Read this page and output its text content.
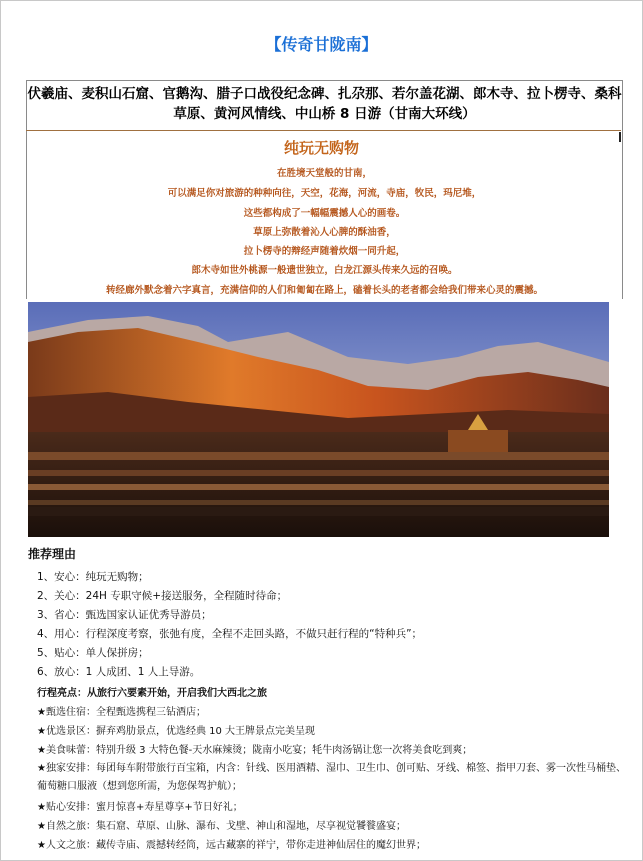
【传奇甘陇南】
伏羲庙、麦积山石窟、官鹅沟、腊子口战役纪念碑、扎尕那、若尔盖花湖、郎木寺、拉卜楞寺、桑科草原、黄河风情线、中山桥 8 日游（甘南大环线）
纯玩无购物
在胜境天堂般的甘南，
可以满足你对旅游的种种向往，天空，花海，河流，寺庙，牧民，玛尼堆，
这些都构成了一幅幅震撼人心的画卷。
草原上弥散着沁人心脾的酥油香，
拉卜楞寺的辩经声随着炊烟一同升起，
郎木寺如世外桃源一般遗世独立，白龙江源头传来久远的召唤。
转经廊外默念着六字真言，充满信仰的人们和匍匐在路上，磕着长头的老者都会给我们带来心灵的震撼。
推荐理由
1、安心：纯玩无购物；
2、关心：24H 专职守候+接送服务，全程随时待命；
3、省心：甄选国家认证优秀导游员；
4、用心：行程深度考察，张弛有度，全程不走回头路，不做只赶行程的“特种兵”；
5、贴心：单人保拼房；
6、放心：1 人成团、1 人上导游。
行程亮点：从旅行六要素开始，开启我们大西北之旅
★甄选住宿：全程甄选携程三钻酒店；
★优选景区：摒弃鸡肋景点，优选经典 10 大王牌景点完美呈现
★美食味蕾：特别升级 3 大特色餐-天水麻辣烫；陇南小吃宴；牦牛肉汤锅让您一次将美食吃到爽；
★独家安排：每团每车附带旅行百宝箱，内含：针线、医用酒精、湿巾、卫生巾、创可贴、牙线、棉签、指甲刀套、雾一次性马桶垫、葡萄糖口服液（想到您所需，为您保驾护航）；
★贴心安排：蜜月惊喜+寿星尊享+节日好礼；
★自然之旅：集石窟、草原、山脉、瀑布、戈壁、神山和湿地，尽享视觉饕餮盛宴；
★人文之旅：藏传寺庙、震撼转经筒，远古藏寨的祥宁，带你走进神仙居住的魔幻世界；
